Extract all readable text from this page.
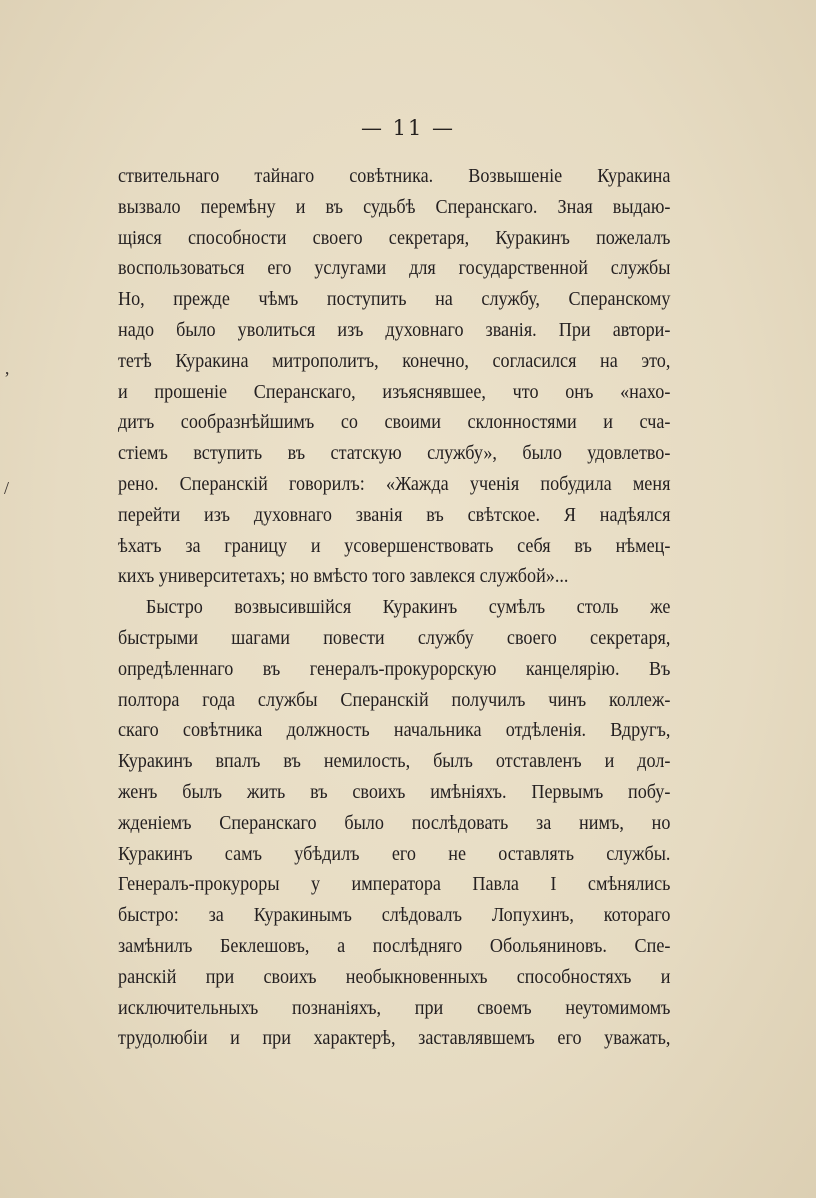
— 11 —
ʼ
/
ствительнаго тайнаго совѣтника. Возвышеніе Куракина
вызвало перемѣну и въ судьбѣ Сперанскаго. Зная выдаю-
щіяся способности своего секретаря, Куракинъ пожелалъ
воспользоваться его услугами для государственной службы
Но, прежде чѣмъ поступить на службу, Сперанскому
надо было уволиться изъ духовнаго званія. При автори-
тетѣ Куракина митрополитъ, конечно, согласился на это,
и прошеніе Сперанскаго, изъяснявшее, что онъ «нахо-
дитъ сообразнѣйшимъ со своими склонностями и сча-
стіемъ вступить въ статскую службу», было удовлетво-
рено. Сперанскій говорилъ: «Жажда ученія побудила меня
перейти изъ духовнаго званія въ свѣтское. Я надѣялся
ѣхатъ за границу и усовершенствовать себя въ нѣмец-
кихъ университетахъ; но вмѣсто того завлекся службой»...
Быстро возвысившійся Куракинъ сумѣлъ столь же
быстрыми шагами повести службу своего секретаря,
опредѣленнаго въ генералъ-прокурорскую канцелярію. Въ
полтора года службы Сперанскій получилъ чинъ коллеж-
скаго совѣтника должность начальника отдѣленія. Вдругъ,
Куракинъ впалъ въ немилость, былъ отставленъ и дол-
женъ былъ жить въ своихъ имѣніяхъ. Первымъ побу-
жденіемъ Сперанскаго было послѣдовать за нимъ, но
Куракинъ самъ убѣдилъ его не оставлять службы.
Генералъ-прокуроры у императора Павла I смѣнялись
быстро: за Куракинымъ слѣдовалъ Лопухинъ, котораго
замѣнилъ Беклешовъ, а послѣдняго Обольяниновъ. Спе-
ранскій при своихъ необыкновенныхъ способностяхъ и
исключительныхъ познаніяхъ, при своемъ неутомимомъ
трудолюбіи и при характерѣ, заставлявшемъ его уважать,
